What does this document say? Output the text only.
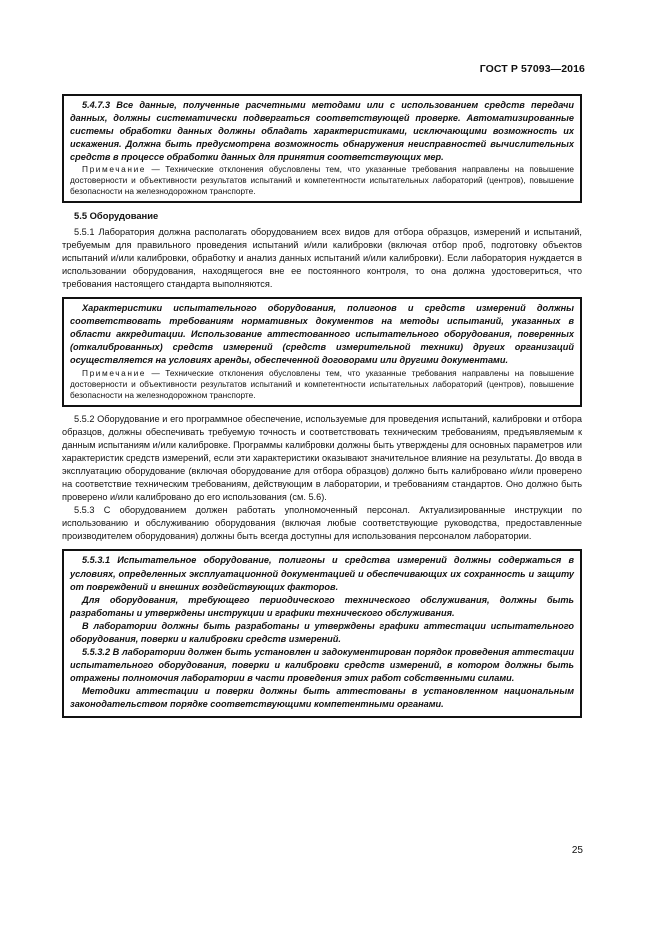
ГОСТ Р 57093—2016

5.4.7.3 Все данные, полученные расчетными методами или с использованием средств передачи данных, должны систематически подвергаться соответствующей проверке. Автоматизированные системы обработки данных должны обладать характеристиками, исключающими возможность их искажения. Должна быть предусмотрена возможность обнаружения неисправностей вычислительных средств в процессе обработки данных для принятия соответствующих мер.

Примечание — Технические отклонения обусловлены тем, что указанные требования направлены на повышение достоверности и объективности результатов испытаний и компетентности испытательных лабораторий (центров), повышение безопасности на железнодорожном транспорте.

5.5 Оборудование

5.5.1 Лаборатория должна располагать оборудованием всех видов для отбора образцов, измерений и испытаний, требуемым для правильного проведения испытаний и/или калибровки (включая отбор проб, подготовку объектов испытаний и/или калибровки, обработку и анализ данных испытаний и/или калибровки). Если лаборатория нуждается в использовании оборудования, находящегося вне ее постоянного контроля, то она должна удостовериться, что требования настоящего стандарта выполняются.

Характеристики испытательного оборудования, полигонов и средств измерений должны соответствовать требованиям нормативных документов на методы испытаний, указанных в области аккредитации. Использование аттестованного испытательного оборудования, поверенных (откалиброванных) средств измерений (средств измерительной техники) других организаций осуществляется на условиях аренды, обеспеченной договорами или другими документами.

Примечание — Технические отклонения обусловлены тем, что указанные требования направлены на повышение достоверности и объективности результатов испытаний и компетентности испытательных лабораторий (центров), повышение безопасности на железнодорожном транспорте.

5.5.2 Оборудование и его программное обеспечение, используемые для проведения испытаний, калибровки и отбора образцов, должны обеспечивать требуемую точность и соответствовать техническим требованиям, предъявляемым к данным испытаниям и/или калибровке. Программы калибровки должны быть утверждены для основных параметров или характеристик средств измерений, если эти характеристики оказывают значительное влияние на результаты. До ввода в эксплуатацию оборудование (включая оборудование для отбора образцов) должно быть калибровано и/или проверено на соответствие техническим требованиям, действующим в лаборатории, и требованиям стандартов. Оно должно быть проверено и/или калибровано до его использования (см. 5.6).

5.5.3 С оборудованием должен работать уполномоченный персонал. Актуализированные инструкции по использованию и обслуживанию оборудования (включая любые соответствующие руководства, предоставленные производителем оборудования) должны быть всегда доступны для использования персоналом лаборатории.

5.5.3.1 Испытательное оборудование, полигоны и средства измерений должны содержаться в условиях, определенных эксплуатационной документацией и обеспечивающих их сохранность и защиту от повреждений и внешних воздействующих факторов.

Для оборудования, требующего периодического технического обслуживания, должны быть разработаны и утверждены инструкции и графики технического обслуживания.

В лаборатории должны быть разработаны и утверждены графики аттестации испытательного оборудования, поверки и калибровки средств измерений.

5.5.3.2 В лаборатории должен быть установлен и задокументирован порядок проведения аттестации испытательного оборудования, поверки и калибровки средств измерений, в котором должны быть отражены полномочия лаборатории в части проведения этих работ собственными силами.

Методики аттестации и поверки должны быть аттестованы в установленном национальным законодательством порядке соответствующими компетентными органами.

25
